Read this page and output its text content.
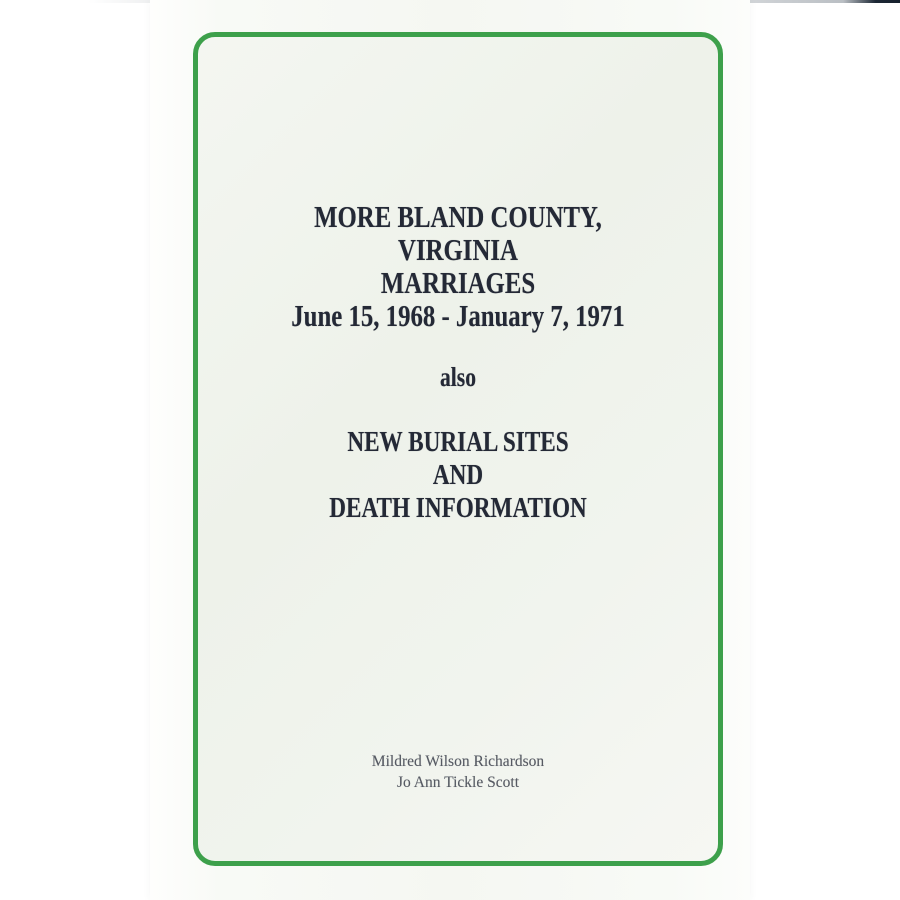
MORE BLAND COUNTY,
VIRGINIA
MARRIAGES
June 15, 1968 - January 7, 1971
also
NEW BURIAL SITES
AND
DEATH INFORMATION
Mildred Wilson Richardson
Jo Ann Tickle Scott
